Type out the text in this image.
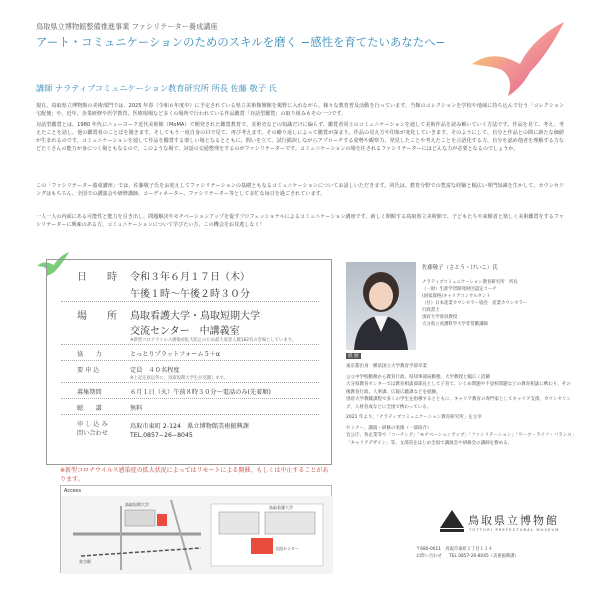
鳥取県立博物館整備推進事業 ファシリテーター養成講座
アート・コミュニケーションのためのスキルを磨く −感性を育てたいあなたへ−
講師 ナラティブコミュニケーション教育研究所 所長 佐藤 敬子 氏
現在、鳥取県立博物館の美術部門では、2025 年春（令和６年度中）に予定されている県立美術館開館を視野に入れながら、様々な教育普及活動を行っています。当館のコレクションを学校や地域に持ち込んで行う「コレクション宅配便」や、近年、企業研修や医学教育、医療現場など多くの場所で行われている作品鑑賞「対話型鑑賞」の取り組みもその一つです。
対話型鑑賞とは、1980 年代にニューヨーク近代美術館（MoMA）で開発された鑑賞教育で、美術史などの知識だけに偏らず、鑑賞者同士のコミュニケーションを通して美術作品を読み解いていく方法です。作品を見て、考え、考えたことを話し、他の鑑賞者のことばを聞きます。そしてもう一度自身の目で見て、再び考えます。その繰り返しによって鑑賞が深まり、作品の見え方や印象が変化していきます。そのようにして、自分と作品との間に新たな価値が生まれるのです。コミュニケーションを通して作品を鑑賞する楽しい場となるとともに、問いを立て、試行錯誤しながらアプローチする姿勢や観察力、発見したことや考えたことを言語化する力、自分を認め他者を理解する力などたくさんの能力が身につく場ともなるので、このような場で、対話の交通整理をするのがファシリテーターです。コミュニケーションの場を任されるファシリテーターにはどんな力が必要となるのでしょうか。
この「ファシリテーター養成講座」では、佐藤敬子氏をお迎えしてファシリテーションの基礎ともなるコミュニケーションについてお話しいただきます。同氏は、教育分野での豊富な経験と幅広い専門知識を生かして、カウンセリングはもちろん、全国での講演会や研修講師、コーディネーター、ファシリテーター等として多忙な毎日を過ごされています。
一人一人の内面にある可能性と能力を引き出し、問題解決やモチベーションアップを促すプロフェッショナルによるコミュニケーション講座です。新しく開館する鳥取県立美術館で、子どもたちや来館者と楽しく美術鑑賞をするファシリテーターに興味のある方、コミュニケーションについて学びたい方、この機会をお見逃しなく！
日　　時 令和３年６月１７日（木）
午後１時〜午後２時３０分
場　　所 鳥取看護大学・鳥取短期大学
交流センター　中講義室
※新型コロナウイルス感染症拡大防止のため最大収容人数182名の会場としています。
協　　力	とっとりプラットフォーム５＋α
要 申 込	定員　４０名程度
※上記定員以外に、鳥取短期大学生が受講します。
募集期間	６月１日（火）午前８時３０分〜電話のみ(先着順)
聴　　講	無料
申 し 込 み
問い合わせ
鳥取市東町 2-124　県立博物館美術振興課
TEL.0857−26−8045
※新型コロナウイルス感染症の拡大状況によってはリモートによる開催、もしくは中止することがあります。
Access
鳥取短期大学
鳥取看護大学
交流センター
倉吉駅
佐藤敬子（さとう・けいこ）氏
ナラティブコミュニケーション教育研究所　所長
（一財）生涯学習開発財団認定コーチ
(国家資格)キャリアコンサルタント
（社）日本産業カウンセラー協会　産業カウンセラー
行政書士
別府大学客員教授
大分県立看護科学大学非常勤講師
経 歴
東京都出身　横浜国立大学教育学部卒業
公立中学校勤務から教育行政、県知事部局勤務。大学教授と幅広く活躍
大分県教育センターでは教育相談部部長として子育て、いじめ問題や不登校問題などの教育相談に携わり、その後教育行政、人事課、広報広聴課などを経験。
別府大学教職課程で多くの学生を指導するとともに、キャリア教育の専門家としてキャリア支援、カウンセリング、人材育成などに全国で携わっている。
2021 年より、「ナラティブコミュニケーション教育研究所」を主宰
セミナー、講演・研修の実績（一部紹介）
官公庁、各企業等で「コーチング」「モチベーションアップ」「ファシリテーション」「ワーク・ライフ・バランス」「キャリアデザイン」等、文部省をはじめ全国で講演会や研修会の講師を務める。
鳥取県立博物館
TOTTORI PREFECTURAL MUSEUM
〒680-0011　鳥取市東町２丁目１２４
お問い合わせ TEL 0857-26-8045（美術振興課）
